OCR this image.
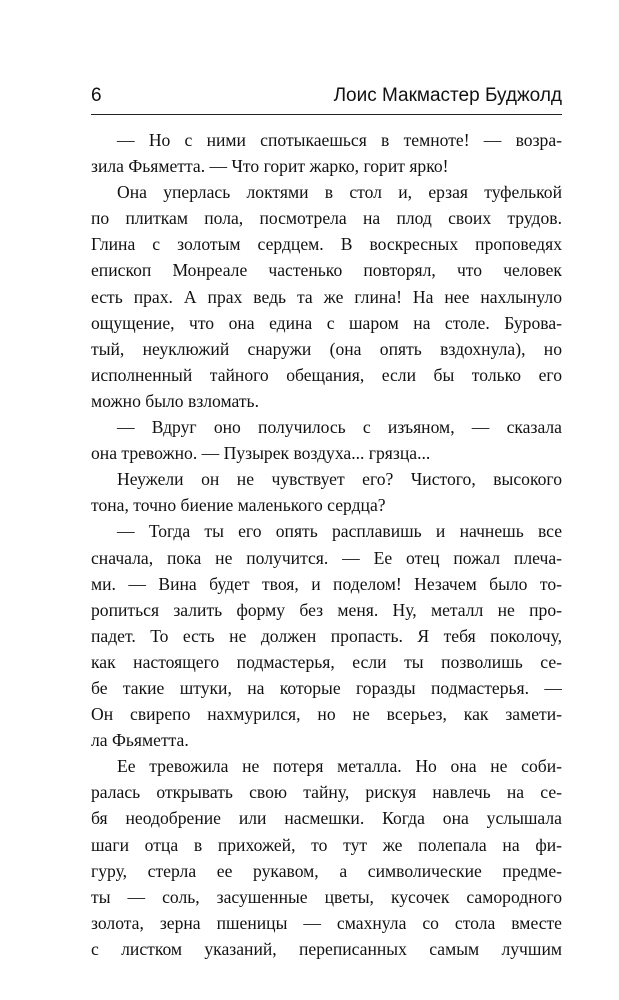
6	Лоис Макмастер Буджолд
— Но с ними спотыкаешься в темноте! — возра-
зила Фьяметта. — Что горит жарко, горит ярко!
Она уперлась локтями в стол и, ерзая туфелькой
по плиткам пола, посмотрела на плод своих трудов.
Глина с золотым сердцем. В воскресных проповедях
епископ Монреале частенько повторял, что человек
есть прах. А прах ведь та же глина! На нее нахлынуло
ощущение, что она едина с шаром на столе. Бурова-
тый, неуклюжий снаружи (она опять вздохнула), но
исполненный тайного обещания, если бы только его
можно было взломать.
— Вдруг оно получилось с изъяном, — сказала
она тревожно. — Пузырек воздуха... грязца...
Неужели он не чувствует его? Чистого, высокого
тона, точно биение маленького сердца?
— Тогда ты его опять расплавишь и начнешь все
сначала, пока не получится. — Ее отец пожал плеча-
ми. — Вина будет твоя, и поделом! Незачем было то-
ропиться залить форму без меня. Ну, металл не про-
падет. То есть не должен пропасть. Я тебя поколочу,
как настоящего подмастерья, если ты позволишь се-
бе такие штуки, на которые горазды подмастерья. —
Он свирепо нахмурился, но не всерьез, как замети-
ла Фьяметта.
Ее тревожила не потеря металла. Но она не соби-
ралась открывать свою тайну, рискуя навлечь на се-
бя неодобрение или насмешки. Когда она услышала
шаги отца в прихожей, то тут же полепала на фи-
гуру, стерла ее рукавом, а символические предме-
ты — соль, засушенные цветы, кусочек самородного
золота, зерна пшеницы — смахнула со стола вместе
с листком указаний, переписанных самым лучшим
